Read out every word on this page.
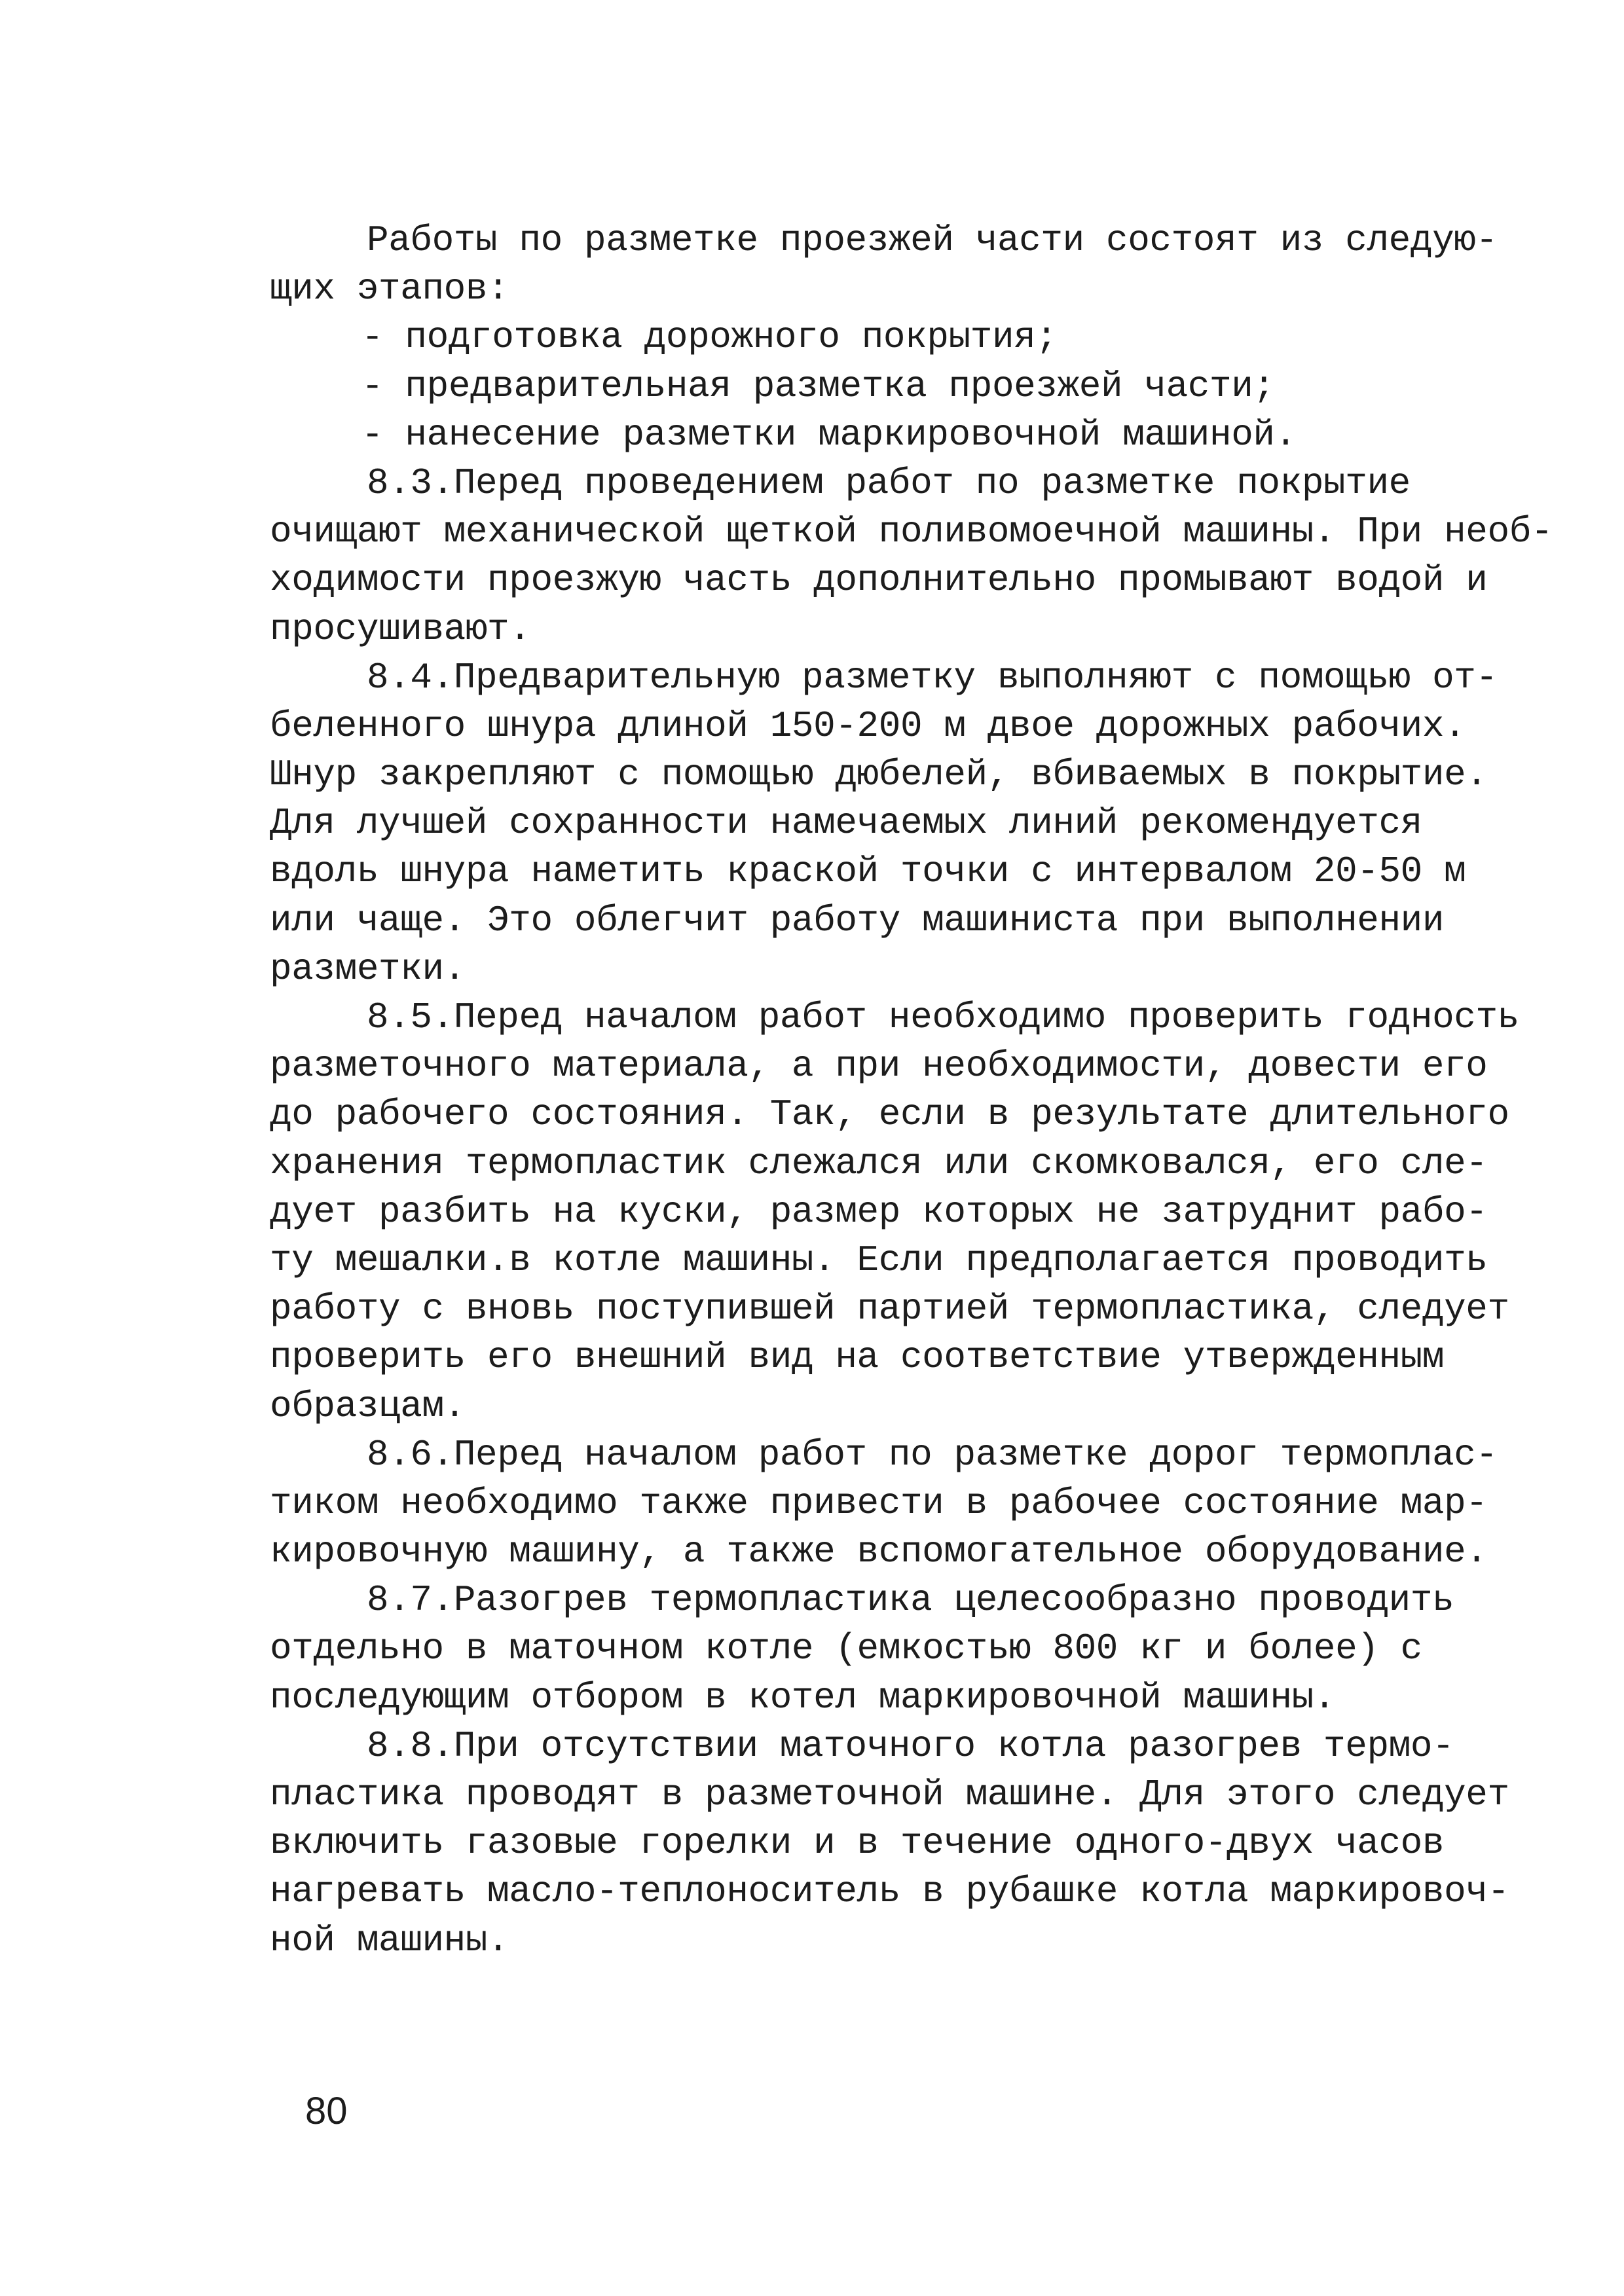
Работы по разметке проезжей части состоят из следую-
щих этапов:
- подготовка дорожного покрытия;
- предварительная разметка проезжей части;
- нанесение разметки маркировочной машиной.
8.3.Перед проведением работ по разметке покрытие
очищают механической щеткой поливомоечной машины. При необ-
ходимости проезжую часть дополнительно промывают водой и
просушивают.
8.4.Предварительную разметку выполняют с помощью от-
беленного шнура длиной 150-200 м двое дорожных рабочих.
Шнур закрепляют с помощью дюбелей, вбиваемых в покрытие.
Для лучшей сохранности намечаемых линий рекомендуется
вдоль шнура наметить краской точки с интервалом 20-50 м
или чаще. Это облегчит работу машиниста при выполнении
разметки.
8.5.Перед началом работ необходимо проверить годность
разметочного материала, а при необходимости, довести его
до рабочего состояния. Так, если в результате длительного
хранения термопластик слежался или скомковался, его сле-
дует разбить на куски, размер которых не затруднит рабо-
ту мешалки.в котле машины. Если предполагается проводить
работу с вновь поступившей партией термопластика, следует
проверить его внешний вид на соответствие утвержденным
образцам.
8.6.Перед началом работ по разметке дорог термоплас-
тиком необходимо также привести в рабочее состояние мар-
кировочную машину, а также вспомогательное оборудование.
8.7.Разогрев термопластика целесообразно проводить
отдельно в маточном котле (емкостью 800 кг и более) с
последующим отбором в котел маркировочной машины.
8.8.При отсутствии маточного котла разогрев термо-
пластика проводят в разметочной машине. Для этого следует
включить газовые горелки и в течение одного-двух часов
нагревать масло-теплоноситель в рубашке котла маркировоч-
ной машины.
80
